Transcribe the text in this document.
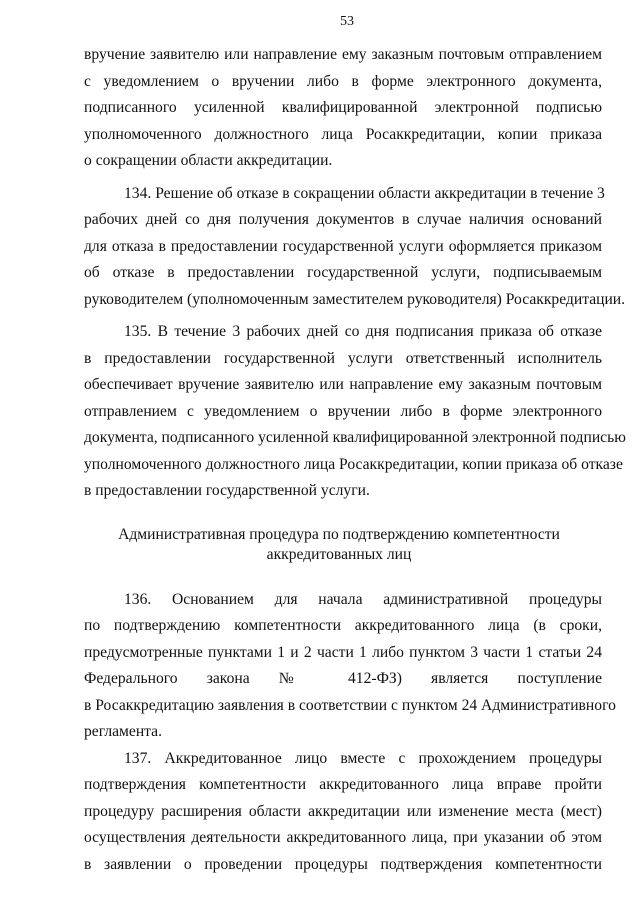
53
вручение заявителю или направление ему заказным почтовым отправлением
с уведомлением о вручении либо в форме электронного документа,
подписанного усиленной квалифицированной электронной подписью
уполномоченного должностного лица Росаккредитации, копии приказа
о сокращении области аккредитации.
134. Решение об отказе в сокращении области аккредитации в течение 3
рабочих дней со дня получения документов в случае наличия оснований
для отказа в предоставлении государственной услуги оформляется приказом
об отказе в предоставлении государственной услуги, подписываемым
руководителем (уполномоченным заместителем руководителя) Росаккредитации.
135. В течение 3 рабочих дней со дня подписания приказа об отказе
в предоставлении государственной услуги ответственный исполнитель
обеспечивает вручение заявителю или направление ему заказным почтовым
отправлением с уведомлением о вручении либо в форме электронного
документа, подписанного усиленной квалифицированной электронной подписью
уполномоченного должностного лица Росаккредитации, копии приказа об отказе
в предоставлении государственной услуги.
Административная процедура по подтверждению компетентности
аккредитованных лиц
136. Основанием для начала административной процедуры
по подтверждению компетентности аккредитованного лица (в сроки,
предусмотренные пунктами 1 и 2 части 1 либо пунктом 3 части 1 статьи 24
Федерального закона № 412-ФЗ) является поступление
в Росаккредитацию заявления в соответствии с пунктом 24 Административного
регламента.
137. Аккредитованное лицо вместе с прохождением процедуры
подтверждения компетентности аккредитованного лица вправе пройти
процедуру расширения области аккредитации или изменение места (мест)
осуществления деятельности аккредитованного лица, при указании об этом
в заявлении о проведении процедуры подтверждения компетентности
